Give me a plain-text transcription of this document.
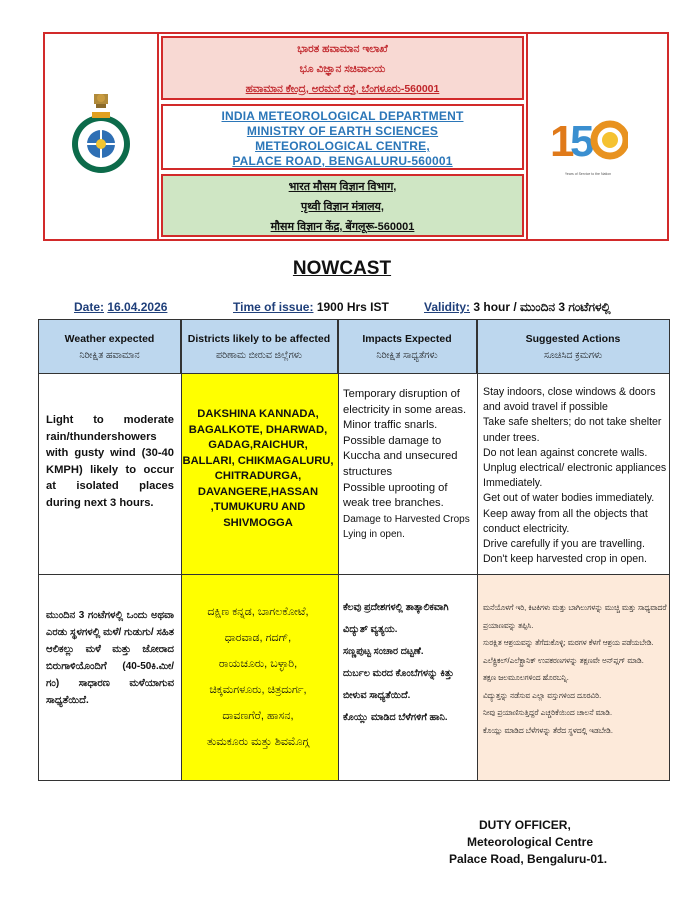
1
5
Years of Service to the Nation

ಭಾರತ ಹವಾಮಾನ ಇಲಾಖೆ

ಭೂ ವಿಜ್ಞಾನ ಸಚಿವಾಲಯ

ಹವಾಮಾನ ಕೇಂದ್ರ, ಅರಮನೆ ರಸ್ತೆ, ಬೆಂಗಳೂರು-560001

INDIA METEOROLOGICAL DEPARTMENT

MINISTRY OF EARTH SCIENCES

METEOROLOGICAL CENTRE,

PALACE ROAD, BENGALURU-560001

भारत मौसम विज्ञान विभाग,

पृथ्वी विज्ञान मंत्रालय,

मौसम विज्ञान केंद्र, बेंगलूरू-560001

NOWCAST
Date: 16.04.2026	Time of issue: 1900 Hrs IST	Validity: 3 hour / ಮುಂದಿನ 3 ಗಂಟೆಗಳಲ್ಲಿ
Weather expected
ನಿರೀಕ್ಷಿತ ಹವಾಮಾನ
Districts likely to be affected
ಪರಿಣಾಮ ಬೀರುವ ಜಿಲ್ಲೆಗಳು
Impacts Expected
ನಿರೀಕ್ಷಿತ ಸಾಧ್ಯತೆಗಳು
Suggested Actions
ಸೂಚಿಸಿದ ಕ್ರಮಗಳು
Light to moderate rain/thundershowers with gusty wind (30-40 KMPH) likely to occur at isolated places during next 3 hours.
DAKSHINA KANNADA,
BAGALKOTE, DHARWAD,
GADAG,RAICHUR,
BALLARI, CHIKMAGALURU,
CHITRADURGA,
DAVANGERE,HASSAN
,TUMUKURU AND
SHIVMOGGA
Temporary disruption of electricity in some areas.
Minor traffic snarls.
Possible damage to Kuccha and unsecured structures
Possible uprooting of weak tree branches.
Damage to Harvested Crops Lying in open.
Stay indoors, close windows & doors and avoid travel if possible
Take safe shelters; do not take shelter under trees.
Do not lean against concrete walls.
Unplug electrical/ electronic appliances Immediately.
Get out of water bodies immediately.
Keep away from all the objects that conduct electricity.
Drive carefully if you are travelling.
Don't keep harvested crop in open.
ಮುಂದಿನ 3 ಗಂಟೆಗಳಲ್ಲಿ ಒಂದು ಅಥವಾ ಎರಡು ಸ್ಥಳಗಳಲ್ಲಿ ಮಳೆ/ ಗುಡುಗು/ ಸಹಿತ ಆಲಿಕಲ್ಲು ಮಳೆ ಮತ್ತು ಜೋರಾದ ಬಿರುಗಾಳಿಯೊಂದಿಗೆ (40-50ಕಿ.ಮೀ/ಗಂ) ಸಾಧಾರಣ ಮಳೆಯಾಗುವ ಸಾಧ್ಯತೆಯಿದೆ.
ದಕ್ಷಿಣ ಕನ್ನಡ, ಬಾಗಲಕೋಟೆ,
ಧಾರವಾಡ, ಗದಗ್,
ರಾಯಚೂರು, ಬಳ್ಳಾರಿ,
ಚಿಕ್ಕಮಗಳೂರು, ಚಿತ್ರದುರ್ಗ,
ದಾವಣಗೆರೆ, ಹಾಸನ,
ತುಮಕೂರು ಮತ್ತು ಶಿವಮೊಗ್ಗ
ಕೆಲವು ಪ್ರದೇಶಗಳಲ್ಲಿ ತಾತ್ಕಾಲಿಕವಾಗಿ ವಿದ್ಯುತ್ ವ್ಯತ್ಯಯ.
ಸಣ್ಣಪುಟ್ಟ ಸಂಚಾರ ದಟ್ಟಣೆ.
ದುರ್ಬಲ ಮರದ ಕೊಂಬೆಗಳನ್ನು ಕಿತ್ತು ಬೀಳುವ ಸಾಧ್ಯತೆಯಿದೆ.
ಕೊಯ್ಲು ಮಾಡಿದ ಬೆಳೆಗಳಿಗೆ ಹಾನಿ.
ಮನೆಯೊಳಗೆ ಇರಿ, ಕಿಟಕಿಗಳು ಮತ್ತು ಬಾಗಿಲುಗಳನ್ನು ಮುಚ್ಚಿ ಮತ್ತು ಸಾಧ್ಯವಾದರೆ ಪ್ರಯಾಣವನ್ನು ತಪ್ಪಿಸಿ.
ಸುರಕ್ಷಿತ ಆಶ್ರಯವನ್ನು ತೆಗೆದುಕೊಳ್ಳಿ; ಮರಗಳ ಕೆಳಗೆ ಆಶ್ರಯ ಪಡೆಯಬೇಡಿ.
ಎಲೆಕ್ಟ್ರಿಕಲ್/ಎಲೆಕ್ಟ್ರಾನಿಕ್ ಉಪಕರಣಗಳನ್ನು ತಕ್ಷಣವೇ ಅನ್‌ಪ್ಲಗ್ ಮಾಡಿ.
ತಕ್ಷಣ ಜಲಮೂಲಗಳಿಂದ ಹೊರಬನ್ನಿ.
ವಿದ್ಯುತ್ತನ್ನು ನಡೆಸುವ ಎಲ್ಲಾ ವಸ್ತುಗಳಿಂದ ದೂರವಿರಿ.
ನೀವು ಪ್ರಯಾಣಿಸುತ್ತಿದ್ದರೆ ಎಚ್ಚರಿಕೆಯಿಂದ ಚಾಲನೆ ಮಾಡಿ.
ಕೊಯ್ಲು ಮಾಡಿದ ಬೆಳೆಗಳನ್ನು ತೆರೆದ ಸ್ಥಳದಲ್ಲಿ ಇಡಬೇಡಿ.
DUTY OFFICER,
Meteorological Centre
Palace Road, Bengaluru-01.
